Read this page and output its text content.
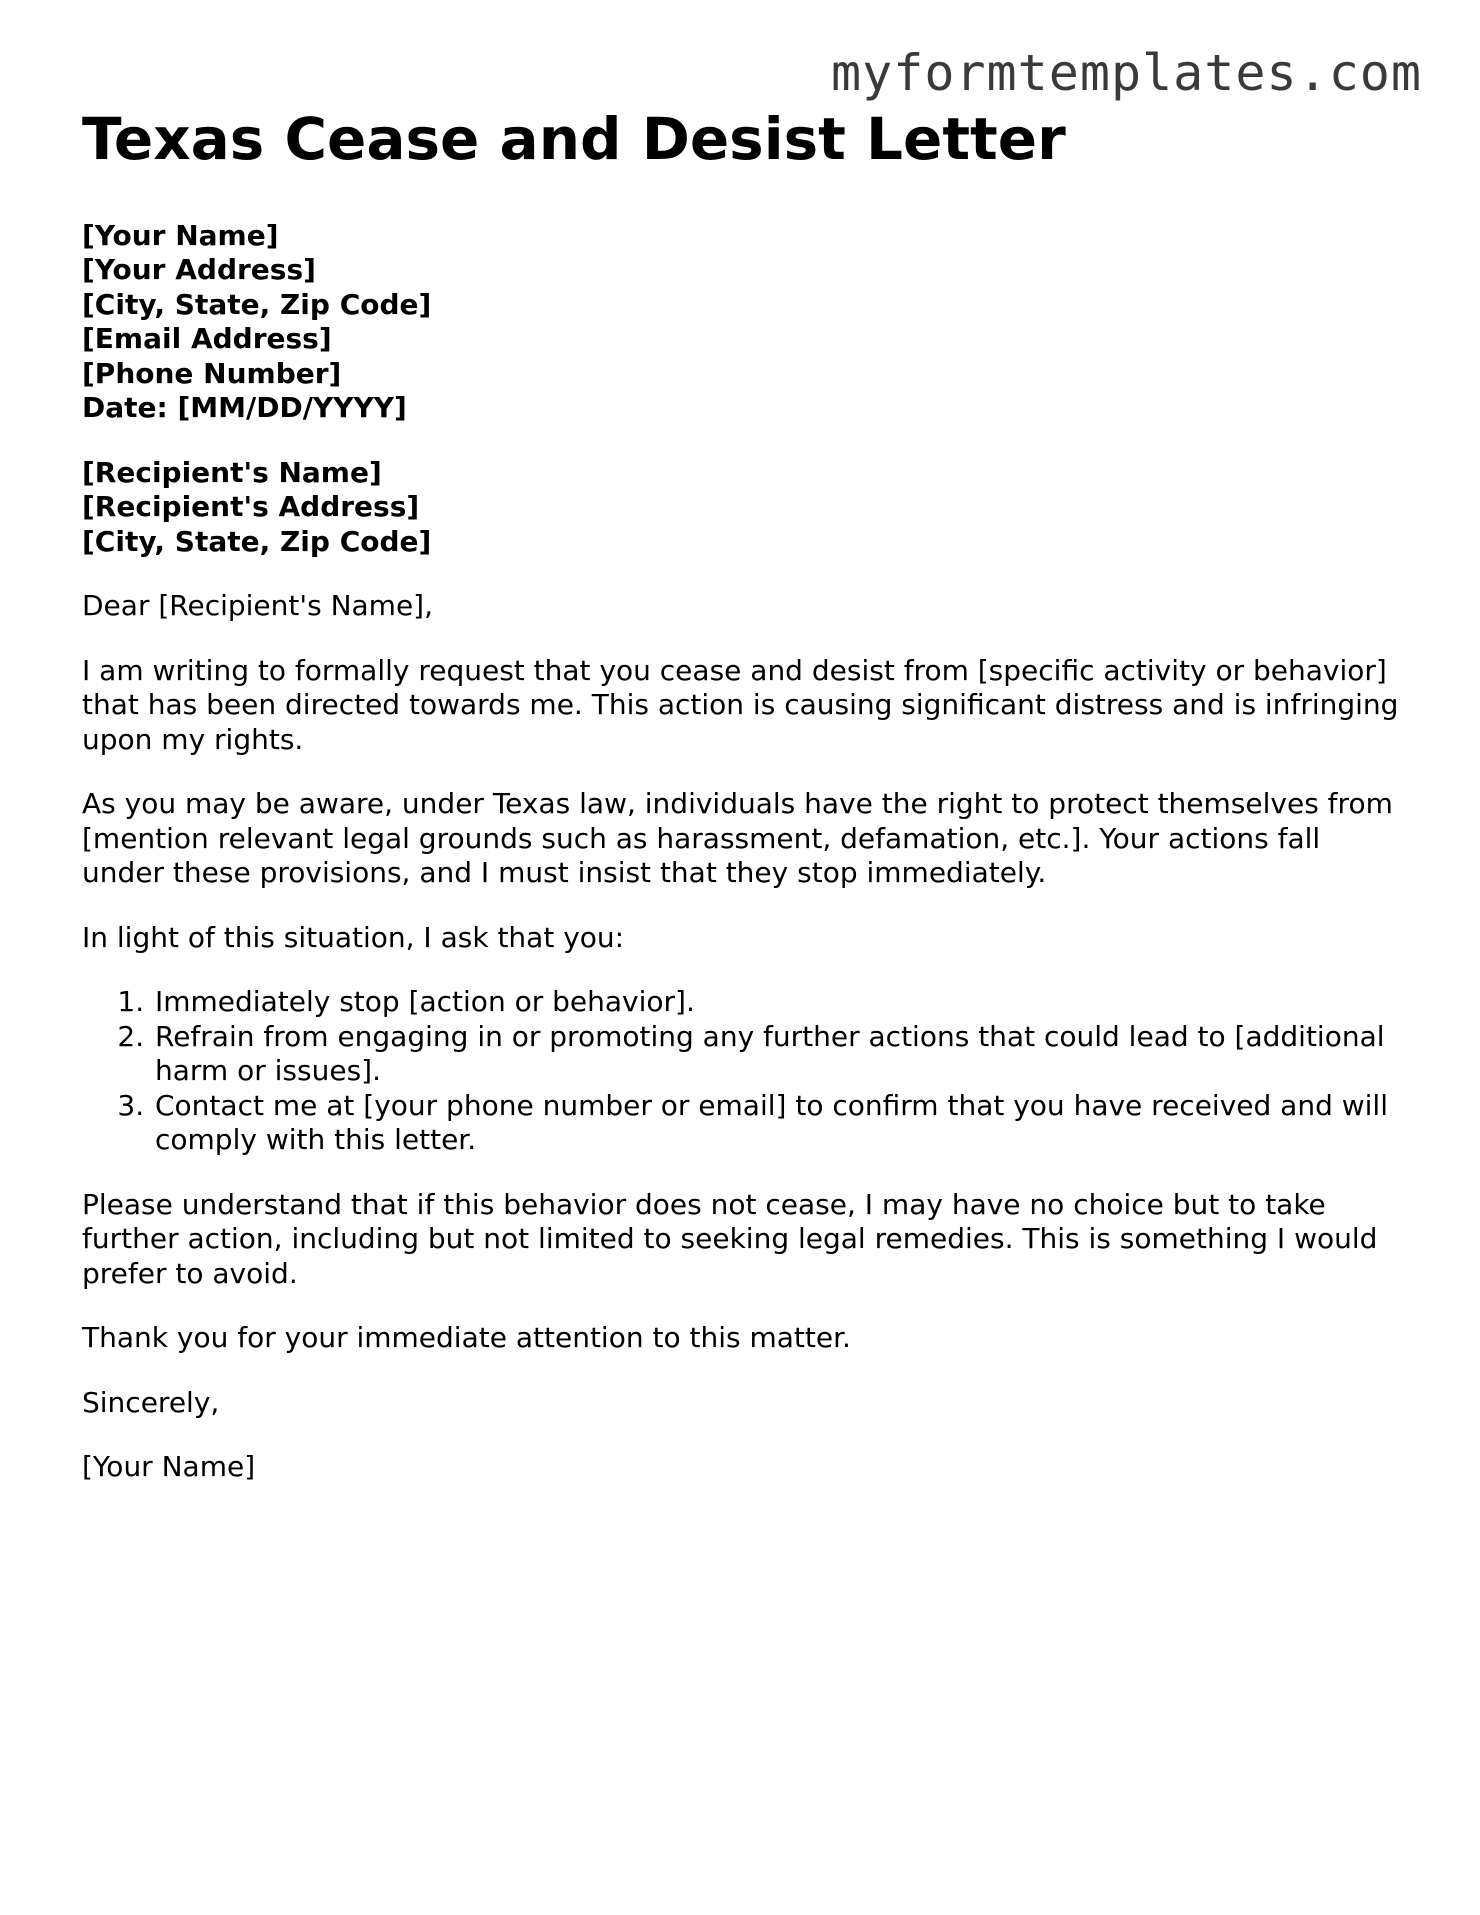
myformtemplates.com
Texas Cease and Desist Letter
[Your Name]
[Your Address]
[City, State, Zip Code]
[Email Address]
[Phone Number]
Date: [MM/DD/YYYY]
[Recipient's Name]
[Recipient's Address]
[City, State, Zip Code]

Dear [Recipient's Name],

I am writing to formally request that you cease and desist from [specific activity or behavior] that has been directed towards me. This action is causing significant distress and is infringing upon my rights.

As you may be aware, under Texas law, individuals have the right to protect themselves from [mention relevant legal grounds such as harassment, defamation, etc.]. Your actions fall under these provisions, and I must insist that they stop immediately.

In light of this situation, I ask that you:

1. Immediately stop [action or behavior].
2. Refrain from engaging in or promoting any further actions that could lead to [additional harm or issues].
3. Contact me at [your phone number or email] to confirm that you have received and will comply with this letter.

Please understand that if this behavior does not cease, I may have no choice but to take further action, including but not limited to seeking legal remedies. This is something I would prefer to avoid.

Thank you for your immediate attention to this matter.

Sincerely,

[Your Name]
